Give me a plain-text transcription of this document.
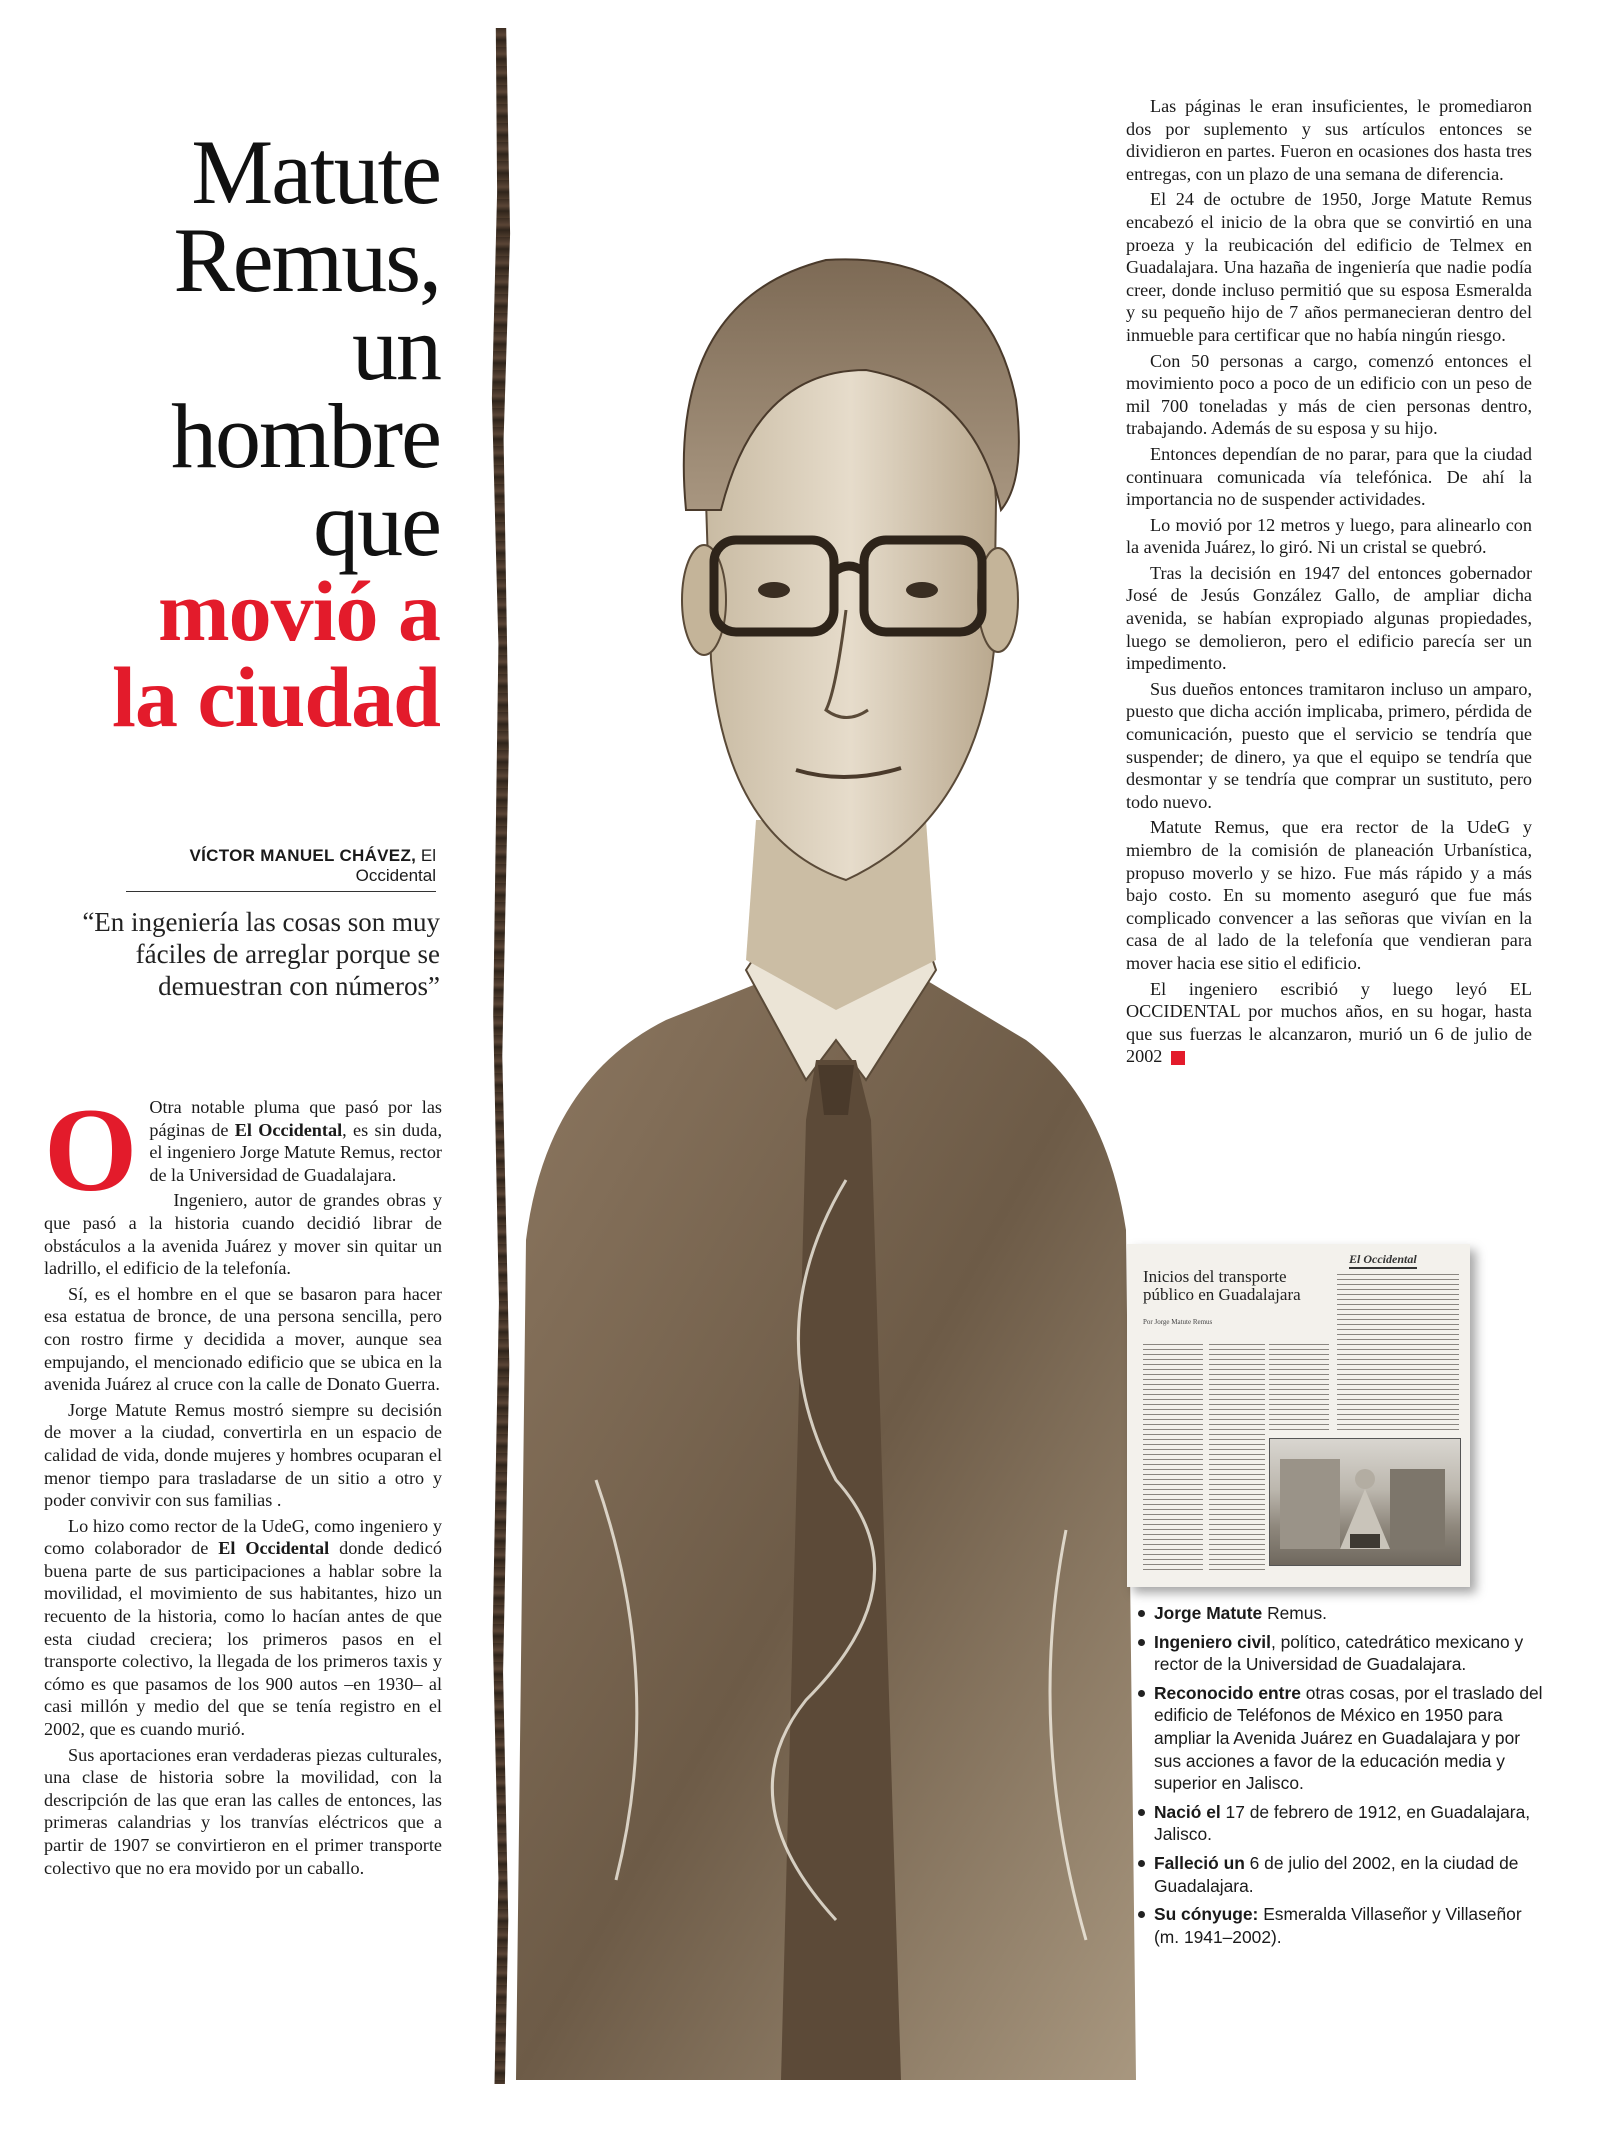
Matute
Remus,
un
hombre
que
movió a
la ciudad
VÍCTOR MANUEL CHÁVEZ, El Occidental
“En ingeniería las cosas son muy fáciles de arreglar porque se demuestran con números”
O Otra notable pluma que pasó por las páginas de El Occidental, es sin duda, el ingeniero Jorge Matute Remus, rector de la Universidad de Guadalajara.

Ingeniero, autor de grandes obras y que pasó a la historia cuando decidió librar de obstáculos a la avenida Juárez y mover sin quitar un ladrillo, el edificio de la telefonía.

Sí, es el hombre en el que se basaron para hacer esa estatua de bronce, de una persona sencilla, pero con rostro firme y decidida a mover, aunque sea empujando, el mencionado edificio que se ubica en la avenida Juárez al cruce con la calle de Donato Guerra.

Jorge Matute Remus mostró siempre su decisión de mover a la ciudad, convertirla en un espacio de calidad de vida, donde mujeres y hombres ocuparan el menor tiempo para trasladarse de un sitio a otro y poder convivir con sus familias .

Lo hizo como rector de la UdeG, como ingeniero y como colaborador de El Occidental donde dedicó buena parte de sus participaciones a hablar sobre la movilidad, el movimiento de sus habitantes, hizo un recuento de la historia, como lo hacían antes de que esta ciudad creciera; los primeros pasos en el transporte colectivo, la llegada de los primeros taxis y cómo es que pasamos de los 900 autos –en 1930– al casi millón y medio del que se tenía registro en el 2002, que es cuando murió.

Sus aportaciones eran verdaderas piezas culturales, una clase de historia sobre la movilidad, con la descripción de las que eran las calles de entonces, las primeras calandrias y los tranvías eléctricos que a partir de 1907 se convirtieron en el primer transporte colectivo que no era movido por un caballo.

Las páginas le eran insuficientes, le promediaron dos por suplemento y sus artículos entonces se dividieron en partes. Fueron en ocasiones dos hasta tres entregas, con un plazo de una semana de diferencia.

El 24 de octubre de 1950, Jorge Matute Remus encabezó el inicio de la obra que se convirtió en una proeza y la reubicación del edificio de Telmex en Guadalajara. Una hazaña de ingeniería que nadie podía creer, donde incluso permitió que su esposa Esmeralda y su pequeño hijo de 7 años permanecieran dentro del inmueble para certificar que no había ningún riesgo.

Con 50 personas a cargo, comenzó entonces el movimiento poco a poco de un edificio con un peso de mil 700 toneladas y más de cien personas dentro, trabajando. Además de su esposa y su hijo.

Entonces dependían de no parar, para que la ciudad continuara comunicada vía telefónica. De ahí la importancia no de suspender actividades.

Lo movió por 12 metros y luego, para alinearlo con la avenida Juárez, lo giró. Ni un cristal se quebró.

Tras la decisión en 1947 del entonces gobernador José de Jesús González Gallo, de ampliar dicha avenida, se habían expropiado algunas propiedades, luego se demolieron, pero el edificio parecía ser un impedimento.

Sus dueños entonces tramitaron incluso un amparo, puesto que dicha acción implicaba, primero, pérdida de comunicación, puesto que el servicio se tendría que suspender; de dinero, ya que el equipo se tendría que desmontar y se tendría que comprar un sustituto, pero todo nuevo.

Matute Remus, que era rector de la UdeG y miembro de la comisión de planeación Urbanística, propuso moverlo y se hizo. Fue más rápido y a más bajo costo. En su momento aseguró que fue más complicado convencer a las señoras que vivían en la casa de al lado de la telefonía que vendieran para mover hacia ese sitio el edificio.

El ingeniero escribió y luego leyó EL OCCIDENTAL por muchos años, en su hogar, hasta que sus fuerzas le alcanzaron, murió un 6 de julio de 2002	+

El Occidental
Inicios del transporte público en Guadalajara
Por Jorge Matute Remus
Jorge Matute Remus.
Ingeniero civil, político, catedrático mexicano y rector de la Universidad de Guadalajara.
Reconocido entre otras cosas, por el traslado del edificio de Teléfonos de México en 1950 para ampliar la Avenida Juárez en Guadalajara y por sus acciones a favor de la educación media y superior en Jalisco.
Nació el 17 de febrero de 1912, en Guadalajara, Jalisco.
Falleció un 6 de julio del 2002, en la ciudad de Guadalajara.
Su cónyuge: Esmeralda Villaseñor y Villaseñor (m. 1941–2002).
